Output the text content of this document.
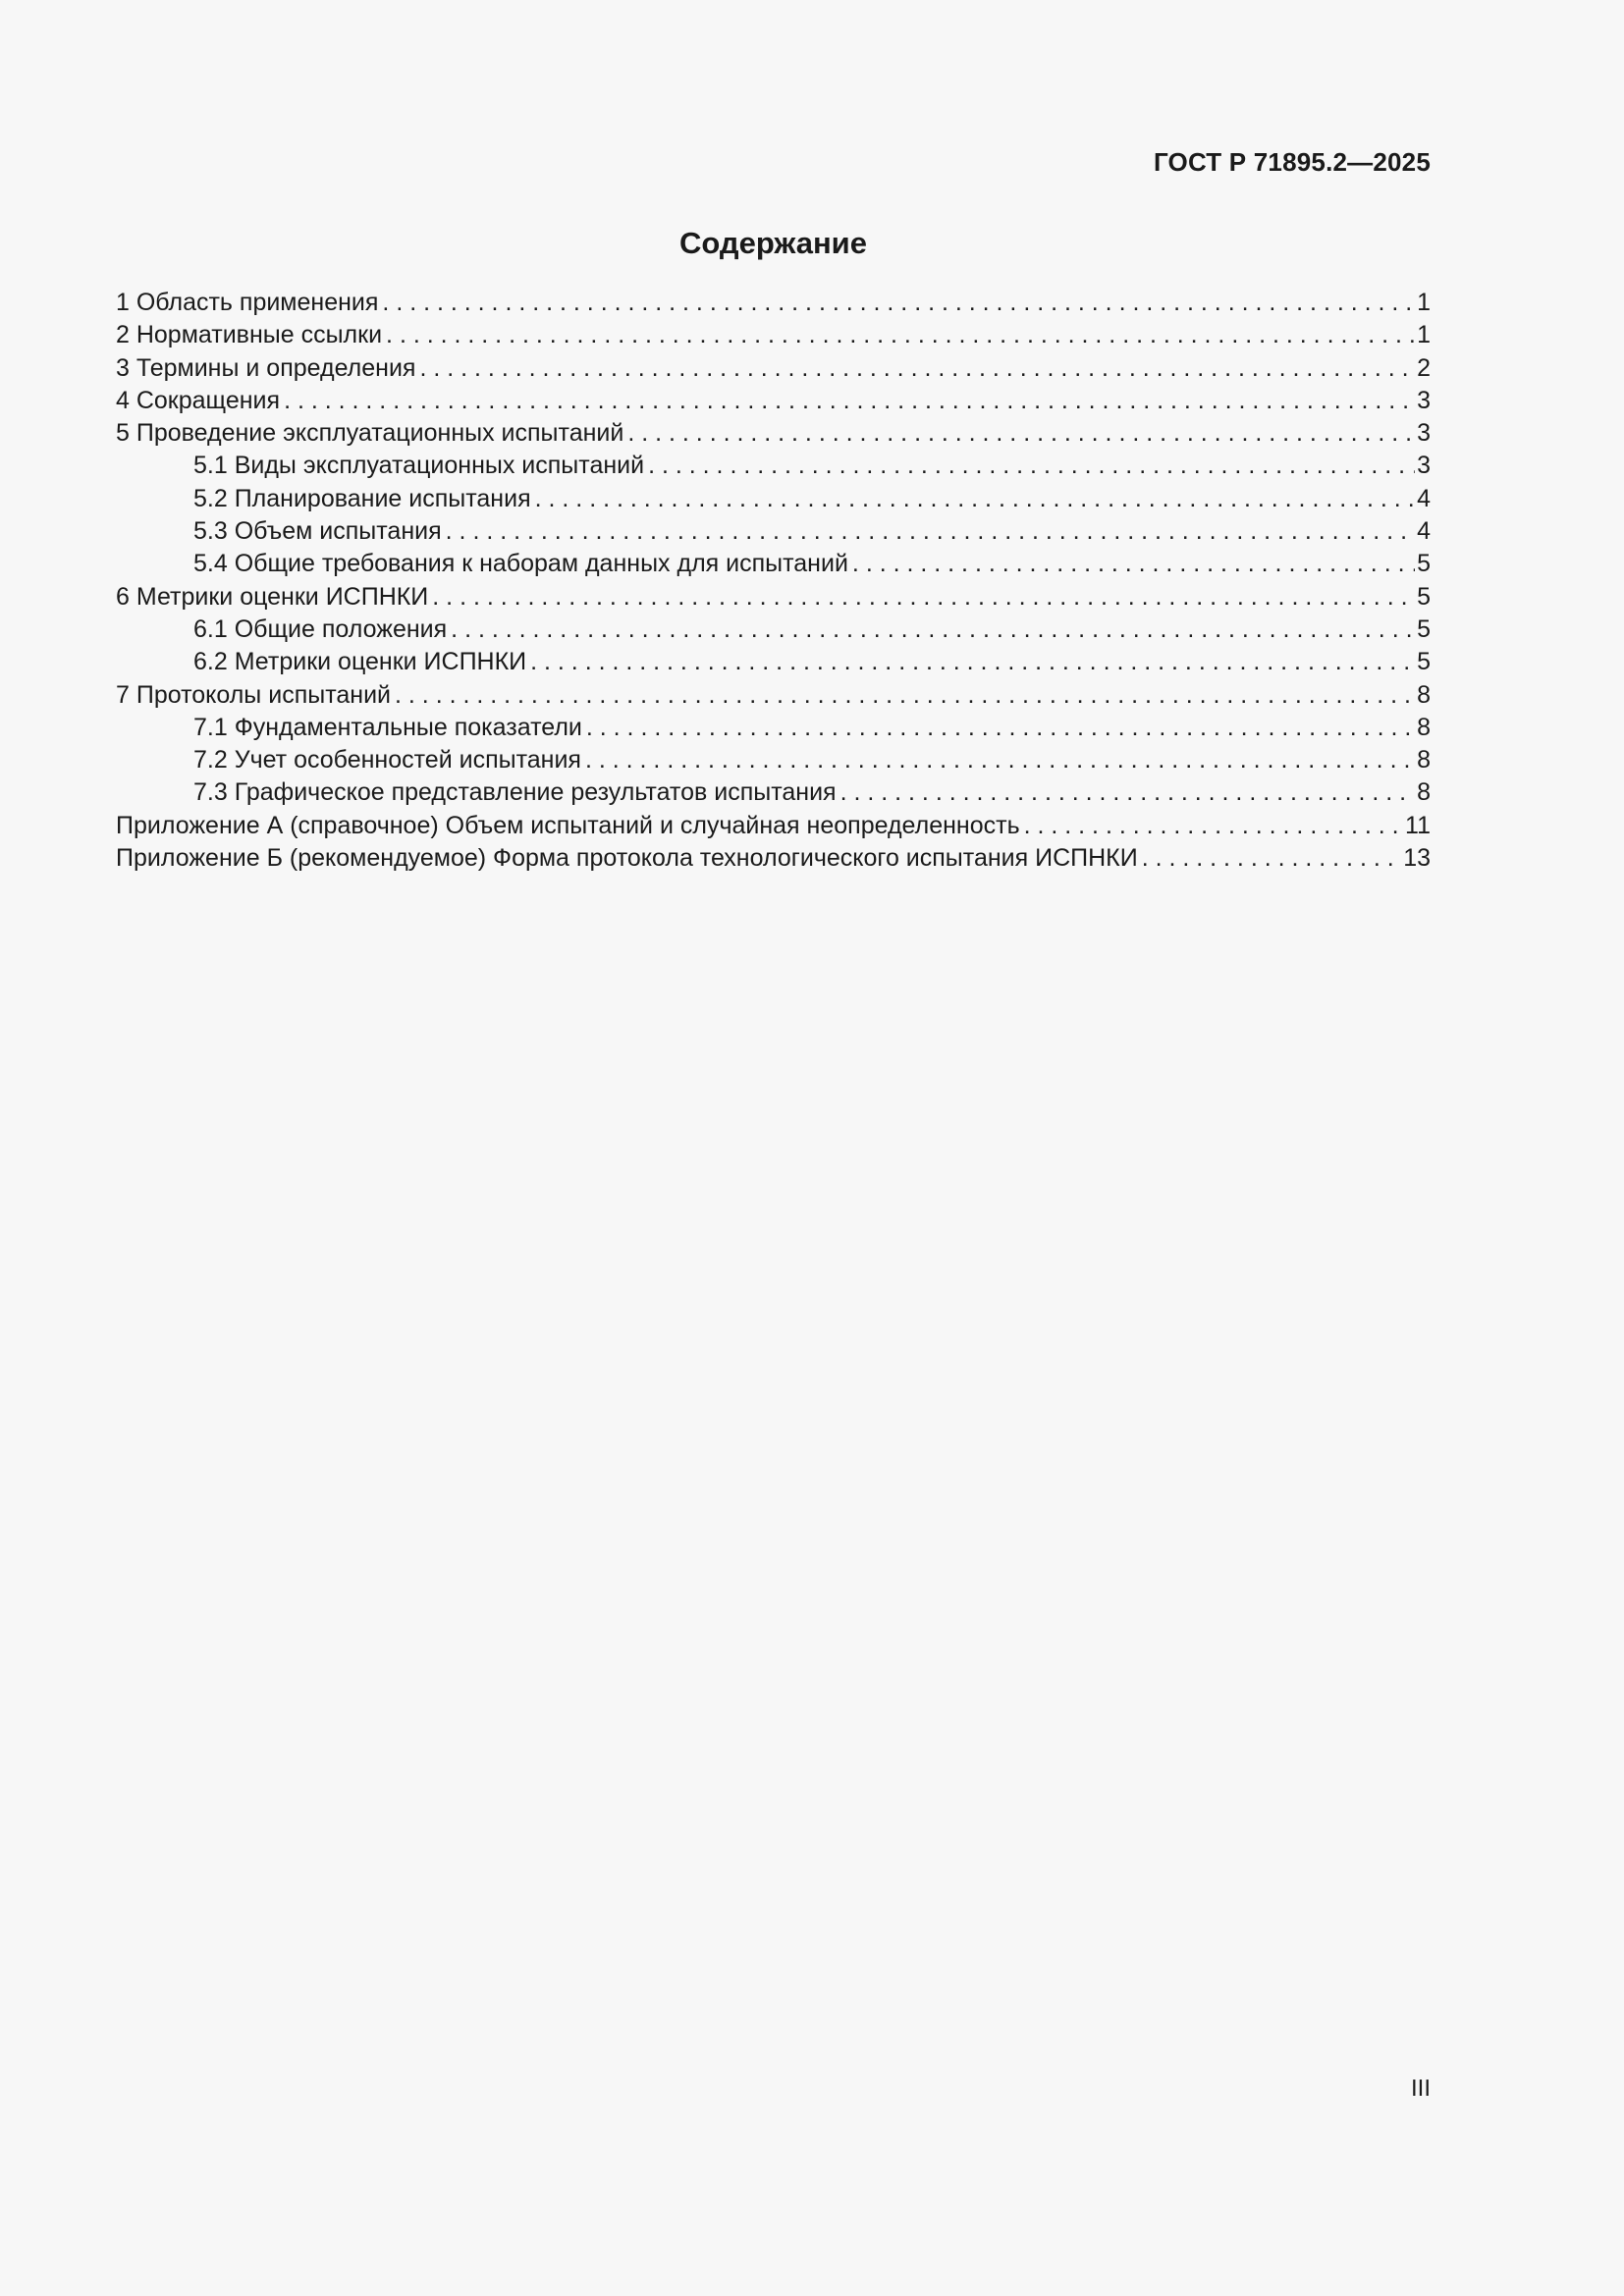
ГОСТ Р 71895.2—2025
Содержание
1 Область применения . . .	1
2 Нормативные ссылки . . .	1
3 Термины и определения . . .	2
4 Сокращения . . .	3
5 Проведение эксплуатационных испытаний . . .	3
5.1 Виды эксплуатационных испытаний . . .	3
5.2 Планирование испытания . . .	4
5.3 Объем испытания . . .	4
5.4 Общие требования к наборам данных для испытаний . . .	5
6 Метрики оценки ИСПНКИ . . .	5
6.1 Общие положения . . .	5
6.2 Метрики оценки ИСПНКИ . . .	5
7 Протоколы испытаний . . .	8
7.1 Фундаментальные показатели . . .	8
7.2 Учет особенностей испытания . . .	8
7.3 Графическое представление результатов испытания . . .	8
Приложение А (справочное) Объем испытаний и случайная неопределенность . . .	11
Приложение Б (рекомендуемое) Форма протокола технологического испытания ИСПНКИ . . .	13
III
